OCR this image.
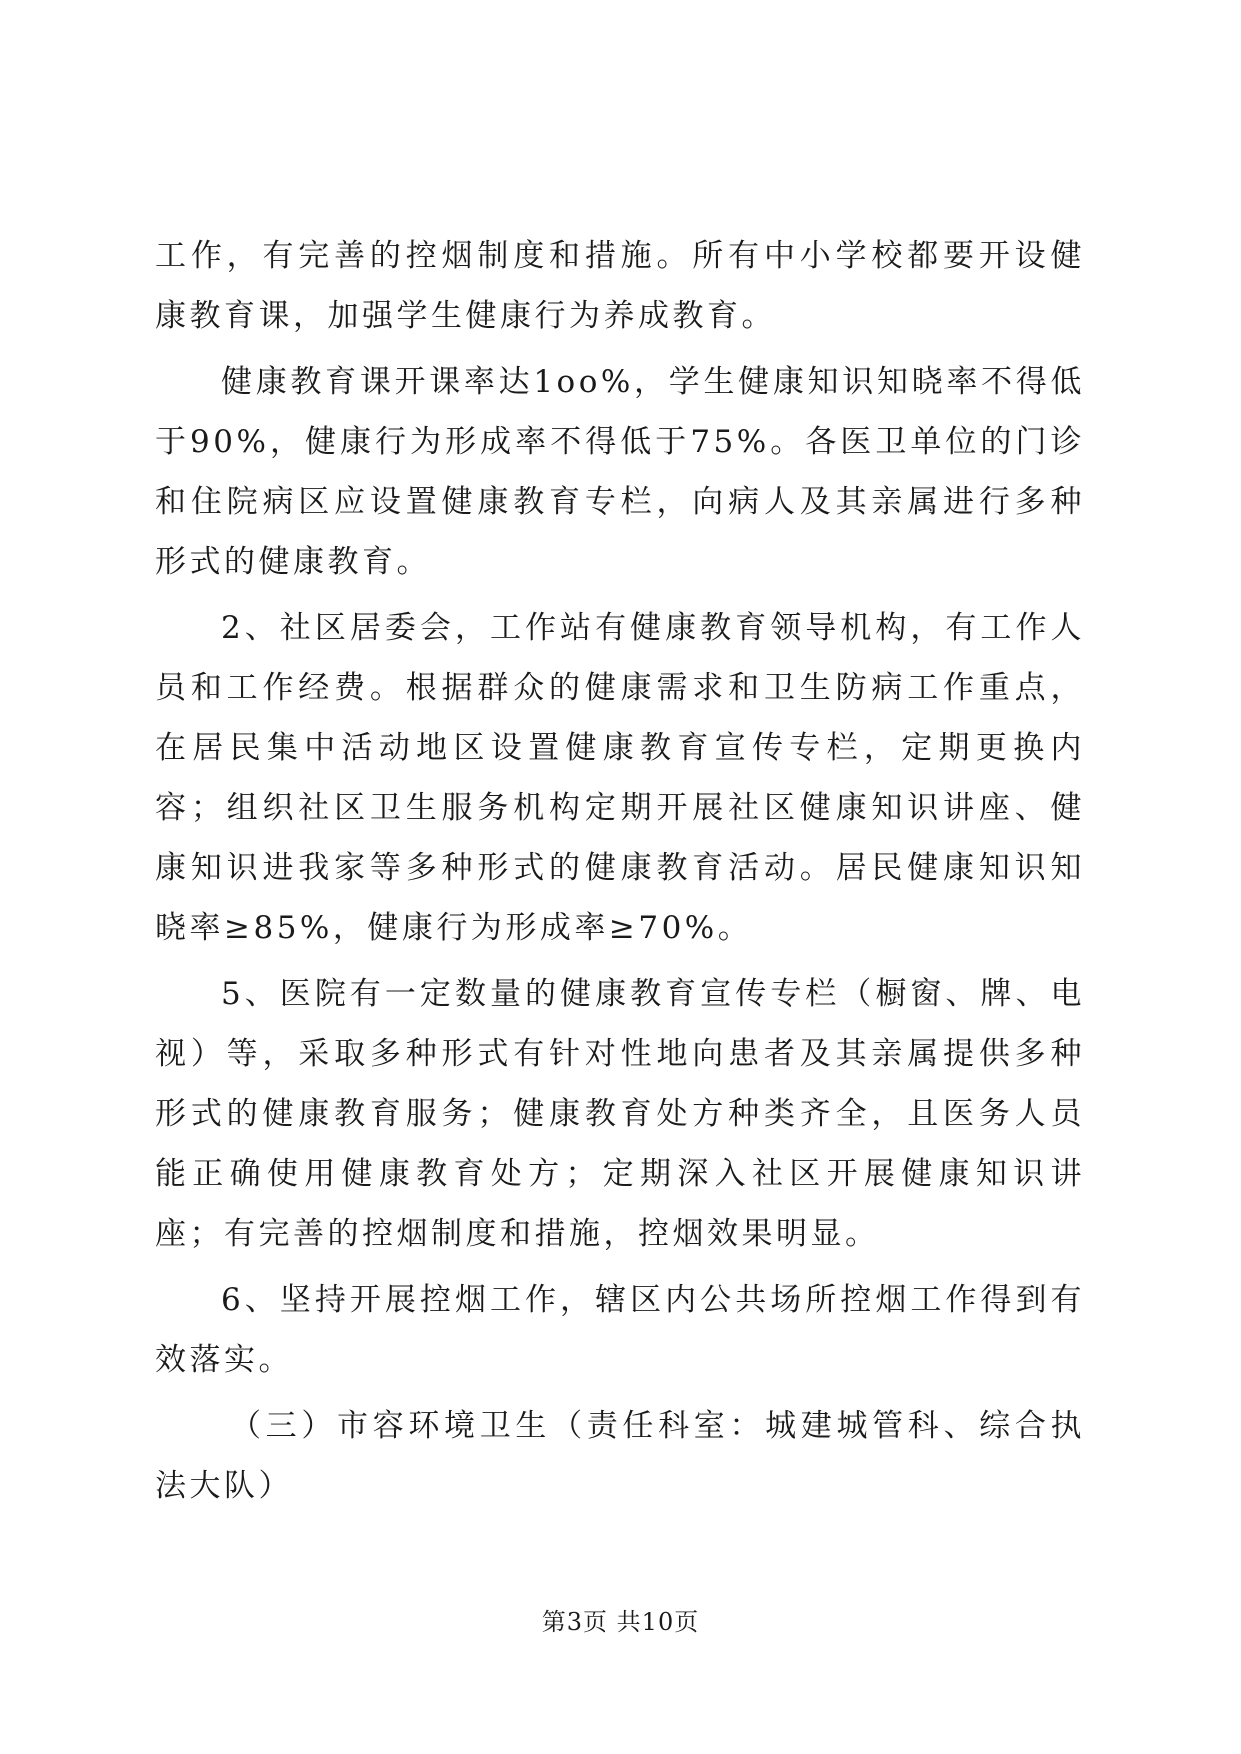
工作，有完善的控烟制度和措施。所有中小学校都要开设健康教育课，加强学生健康行为养成教育。

健康教育课开课率达1oo%，学生健康知识知晓率不得低于90%，健康行为形成率不得低于75%。各医卫单位的门诊和住院病区应设置健康教育专栏，向病人及其亲属进行多种形式的健康教育。

2、社区居委会，工作站有健康教育领导机构，有工作人员和工作经费。根据群众的健康需求和卫生防病工作重点，在居民集中活动地区设置健康教育宣传专栏，定期更换内容；组织社区卫生服务机构定期开展社区健康知识讲座、健康知识进我家等多种形式的健康教育活动。居民健康知识知晓率≥85%，健康行为形成率≥70%。

5、医院有一定数量的健康教育宣传专栏（橱窗、牌、电视）等，采取多种形式有针对性地向患者及其亲属提供多种形式的健康教育服务；健康教育处方种类齐全，且医务人员能正确使用健康教育处方；定期深入社区开展健康知识讲座；有完善的控烟制度和措施，控烟效果明显。

6、坚持开展控烟工作，辖区内公共场所控烟工作得到有效落实。

（三）市容环境卫生（责任科室：城建城管科、综合执法大队）

第3页 共10页
